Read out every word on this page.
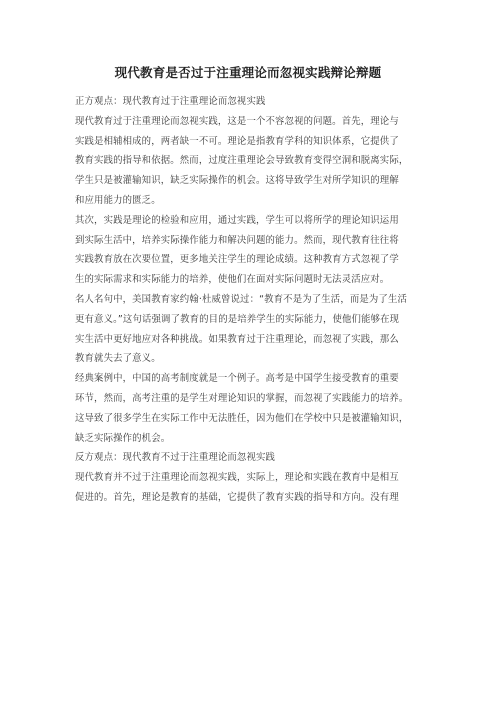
现代教育是否过于注重理论而忽视实践辩论辩题
正方观点：现代教育过于注重理论而忽视实践
现代教育过于注重理论而忽视实践，这是一个不容忽视的问题。首先，理论与
实践是相辅相成的，两者缺一不可。理论是指教育学科的知识体系，它提供了
教育实践的指导和依据。然而，过度注重理论会导致教育变得空洞和脱离实际，
学生只是被灌输知识，缺乏实际操作的机会。这将导致学生对所学知识的理解
和应用能力的匮乏。
其次，实践是理论的检验和应用，通过实践，学生可以将所学的理论知识运用
到实际生活中，培养实际操作能力和解决问题的能力。然而，现代教育往往将
实践教育放在次要位置，更多地关注学生的理论成绩。这种教育方式忽视了学
生的实际需求和实际能力的培养，使他们在面对实际问题时无法灵活应对。
名人名句中，美国教育家约翰·杜威曾说过：“教育不是为了生活，而是为了生活
更有意义。”这句话强调了教育的目的是培养学生的实际能力，使他们能够在现
实生活中更好地应对各种挑战。如果教育过于注重理论，而忽视了实践，那么
教育就失去了意义。
经典案例中，中国的高考制度就是一个例子。高考是中国学生接受教育的重要
环节，然而，高考注重的是学生对理论知识的掌握，而忽视了实践能力的培养。
这导致了很多学生在实际工作中无法胜任，因为他们在学校中只是被灌输知识，
缺乏实际操作的机会。
反方观点：现代教育不过于注重理论而忽视实践
现代教育并不过于注重理论而忽视实践，实际上，理论和实践在教育中是相互
促进的。首先，理论是教育的基础，它提供了教育实践的指导和方向。没有理
